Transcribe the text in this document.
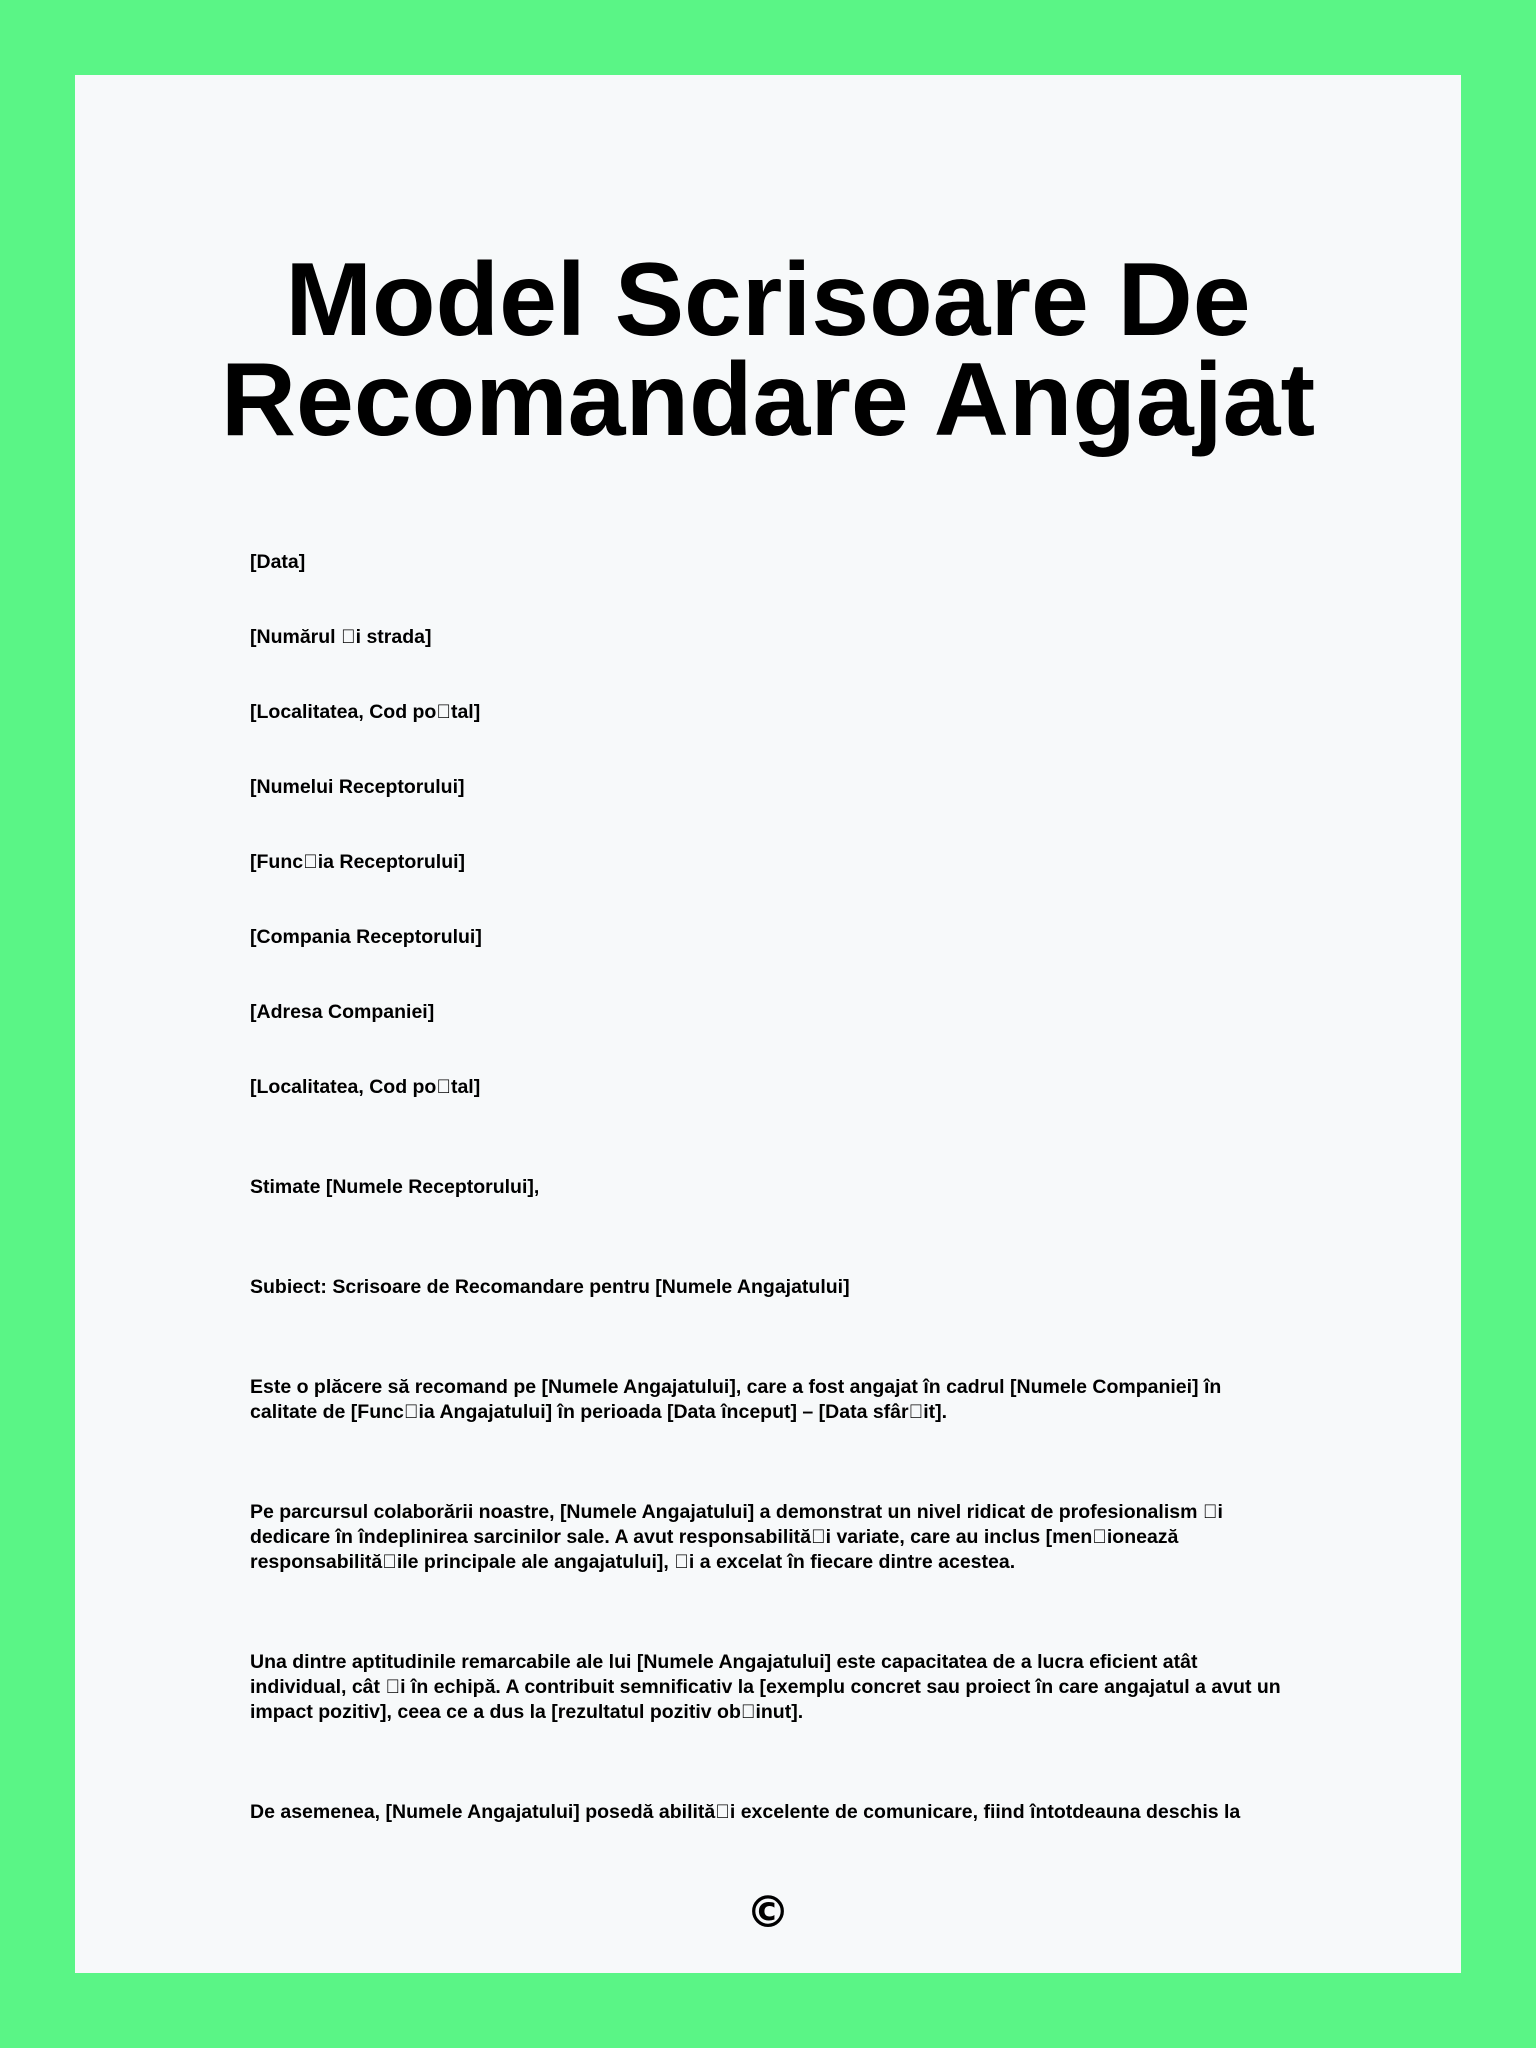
Model Scrisoare De
Recomandare Angajat
[Data]
[Numărul  i strada]
[Localitatea, Cod po tal]
[Numelui Receptorului]
[Func ia Receptorului]
[Compania Receptorului]
[Adresa Companiei]
[Localitatea, Cod po tal]
Stimate [Numele Receptorului],
Subiect: Scrisoare de Recomandare pentru [Numele Angajatului]
Este o plăcere să recomand pe [Numele Angajatului], care a fost angajat în cadrul [Numele Companiei] în calitate de [Func ia Angajatului] în perioada [Data început] – [Data sfâr it].
Pe parcursul colaborării noastre, [Numele Angajatului] a demonstrat un nivel ridicat de profesionalism  i dedicare în îndeplinirea sarcinilor sale. A avut responsabilită i variate, care au inclus [men ionează responsabilită ile principale ale angajatului],  i a excelat în fiecare dintre acestea.
Una dintre aptitudinile remarcabile ale lui [Numele Angajatului] este capacitatea de a lucra eficient atât individual, cât  i în echipă. A contribuit semnificativ la [exemplu concret sau proiect în care angajatul a avut un impact pozitiv], ceea ce a dus la [rezultatul pozitiv ob inut].
De asemenea, [Numele Angajatului] posedă abilită i excelente de comunicare, fiind întotdeauna deschis la
©
